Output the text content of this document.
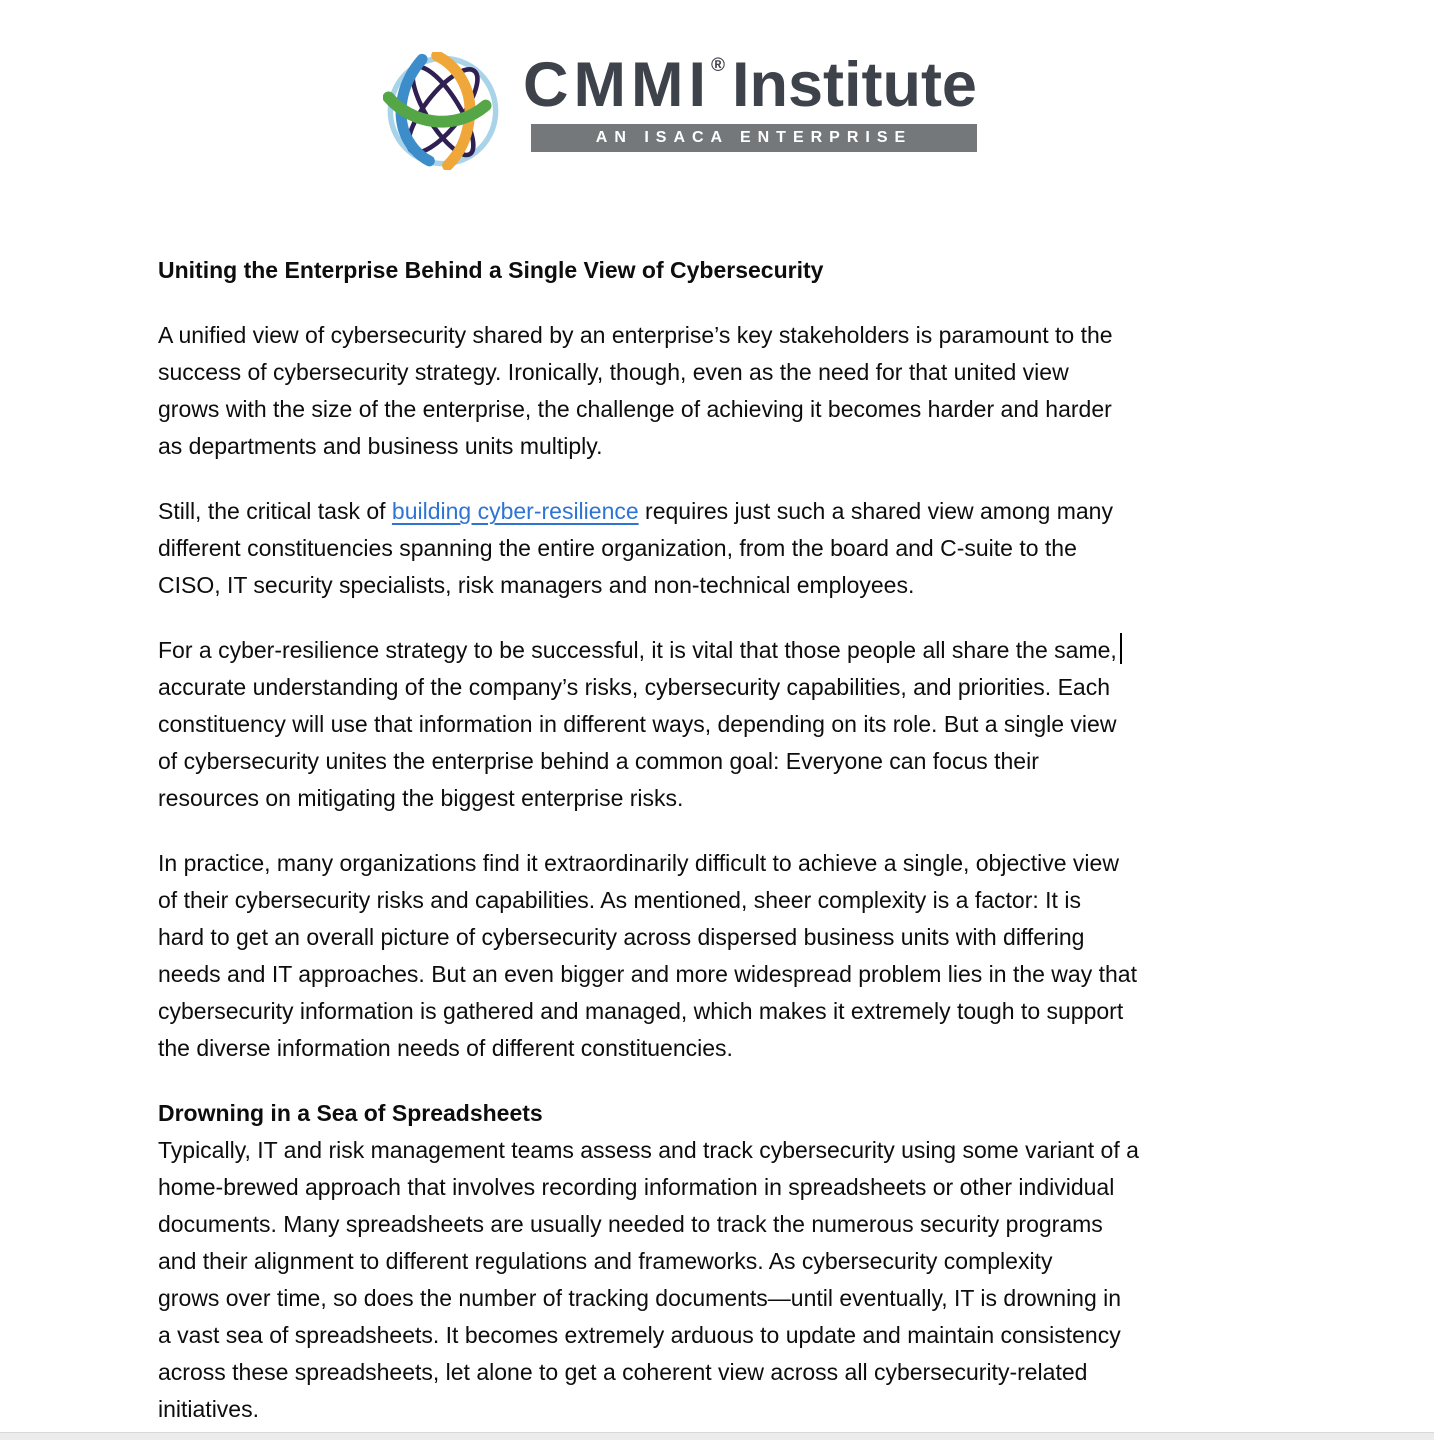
CMMI ® Institute
AN ISACA ENTERPRISE
Uniting the Enterprise Behind a Single View of Cybersecurity
A unified view of cybersecurity shared by an enterprise’s key stakeholders is paramount to the
success of cybersecurity strategy. Ironically, though, even as the need for that united view
grows with the size of the enterprise, the challenge of achieving it becomes harder and harder
as departments and business units multiply.
Still, the critical task of building cyber-resilience requires just such a shared view among many
different constituencies spanning the entire organization, from the board and C-suite to the
CISO, IT security specialists, risk managers and non-technical employees.
For a cyber-resilience strategy to be successful, it is vital that those people all share the same,
accurate understanding of the company’s risks, cybersecurity capabilities, and priorities. Each
constituency will use that information in different ways, depending on its role. But a single view
of cybersecurity unites the enterprise behind a common goal: Everyone can focus their
resources on mitigating the biggest enterprise risks.
In practice, many organizations find it extraordinarily difficult to achieve a single, objective view
of their cybersecurity risks and capabilities. As mentioned, sheer complexity is a factor: It is
hard to get an overall picture of cybersecurity across dispersed business units with differing
needs and IT approaches. But an even bigger and more widespread problem lies in the way that
cybersecurity information is gathered and managed, which makes it extremely tough to support
the diverse information needs of different constituencies.
Drowning in a Sea of Spreadsheets
Typically, IT and risk management teams assess and track cybersecurity using some variant of a
home-brewed approach that involves recording information in spreadsheets or other individual
documents. Many spreadsheets are usually needed to track the numerous security programs
and their alignment to different regulations and frameworks. As cybersecurity complexity
grows over time, so does the number of tracking documents—until eventually, IT is drowning in
a vast sea of spreadsheets. It becomes extremely arduous to update and maintain consistency
across these spreadsheets, let alone to get a coherent view across all cybersecurity-related
initiatives.
